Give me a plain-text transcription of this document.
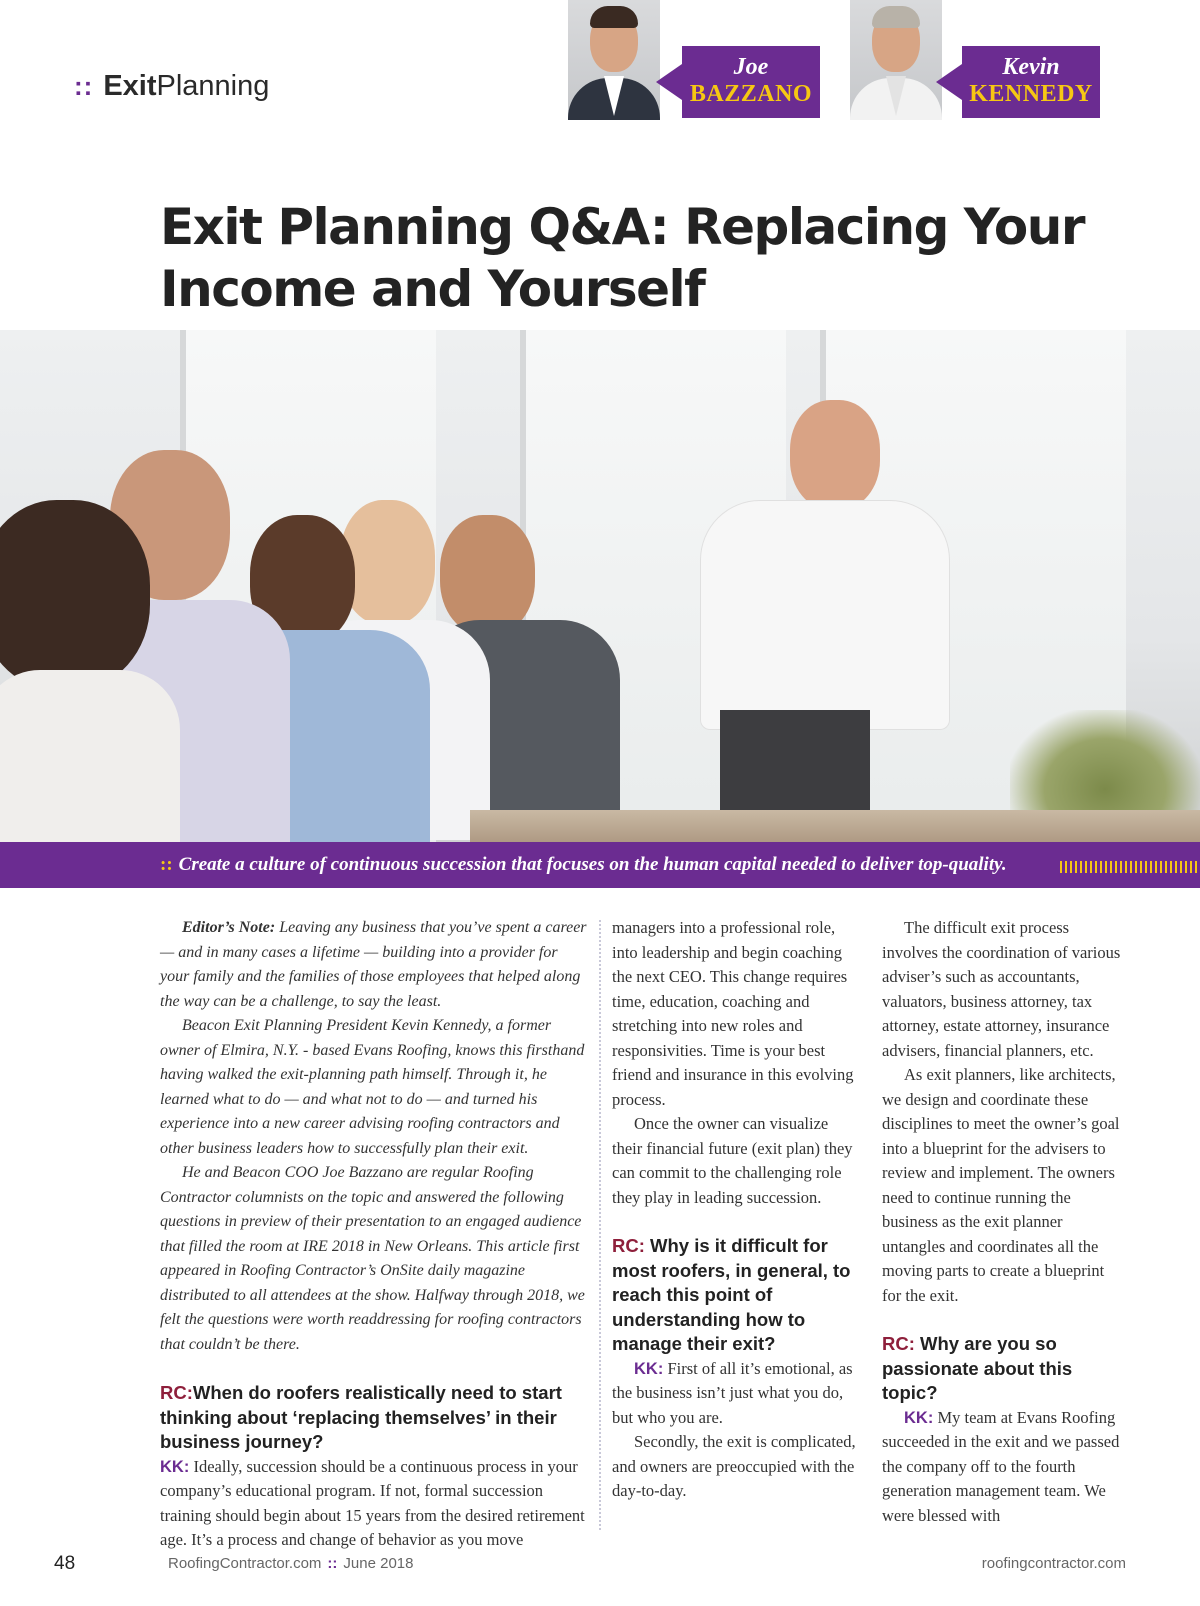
:: Exit Planning
Joe
BAZZANO
Kevin
KENNEDY
Exit Planning Q&A: Replacing Your
Income and Yourself
:: Create a culture of continuous succession that focuses on the human capital needed to deliver top-quality.

Editor’s Note: Leaving any business that you’ve spent a career — and in many cases a lifetime — building into a provider for your family and the families of those employees that helped along the way can be a challenge, to say the least.

Beacon Exit Planning President Kevin Kennedy, a former owner of Elmira, N.Y. - based Evans Roofing, knows this firsthand having walked the exit-planning path himself. Through it, he learned what to do — and what not to do — and turned his experience into a new career advising roofing contractors and other business leaders how to successfully plan their exit.

He and Beacon COO Joe Bazzano are regular Roofing Contractor columnists on the topic and answered the following questions in preview of their presentation to an engaged audience that filled the room at IRE 2018 in New Orleans. This article first appeared in Roofing Contractor’s OnSite daily magazine distributed to all attendees at the show. Halfway through 2018, we felt the questions were worth readdressing for roofing contractors that couldn’t be there.

RC:When do roofers realistically need to start thinking about ‘replacing themselves’ in their business journey?

KK: Ideally, succession should be a continuous process in your company’s educational program. If not, formal succession training should begin about 15 years from the desired retirement age. It’s a process and change of behavior as you move

managers into a professional role, into leadership and begin coaching the next CEO. This change requires time, education, coaching and stretching into new roles and responsivities. Time is your best friend and insurance in this evolving process.

Once the owner can visualize their financial future (exit plan) they can commit to the challenging role they play in leading succession.

RC: Why is it difficult for most roofers, in general, to reach this point of understanding how to manage their exit?

KK: First of all it’s emotional, as the business isn’t just what you do, but who you are.

Secondly, the exit is complicated, and owners are preoccupied with the day-to-day.

The difficult exit process involves the coordination of various adviser’s such as accountants, valuators, business attorney, tax attorney, estate attorney, insurance advisers, financial planners, etc.

As exit planners, like architects, we design and coordinate these disciplines to meet the owner’s goal into a blueprint for the advisers to review and implement. The owners need to continue running the business as the exit planner untangles and coordinates all the moving parts to create a blueprint for the exit.

RC: Why are you so passionate about this topic?

KK: My team at Evans Roofing succeeded in the exit and we passed the company off to the fourth generation management team. We were blessed with

48	RoofingContractor.com :: June 2018	roofingcontractor.com
